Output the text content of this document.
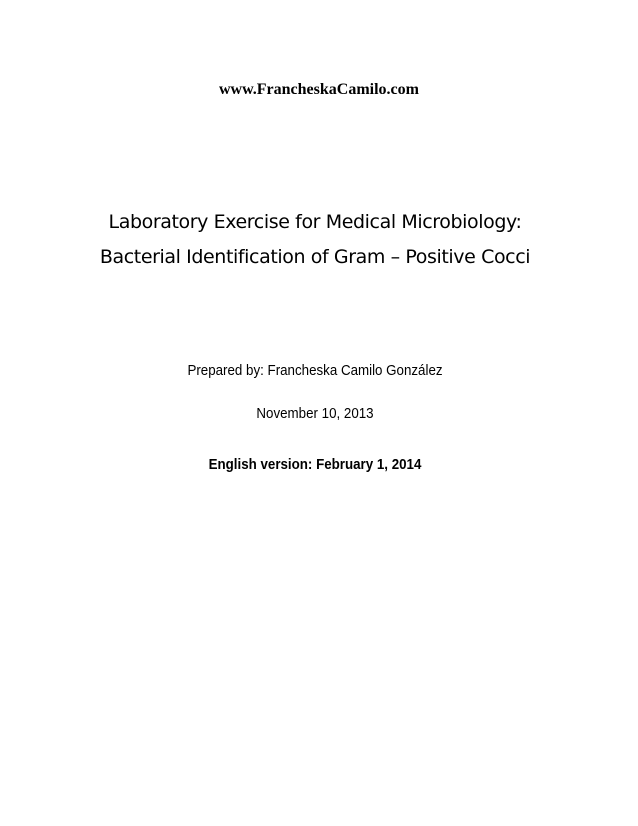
www.FrancheskaCamilo.com
Laboratory Exercise for Medical Microbiology:
Bacterial Identification of Gram – Positive Cocci
Prepared by: Francheska Camilo González
November 10, 2013
English version: February 1, 2014
